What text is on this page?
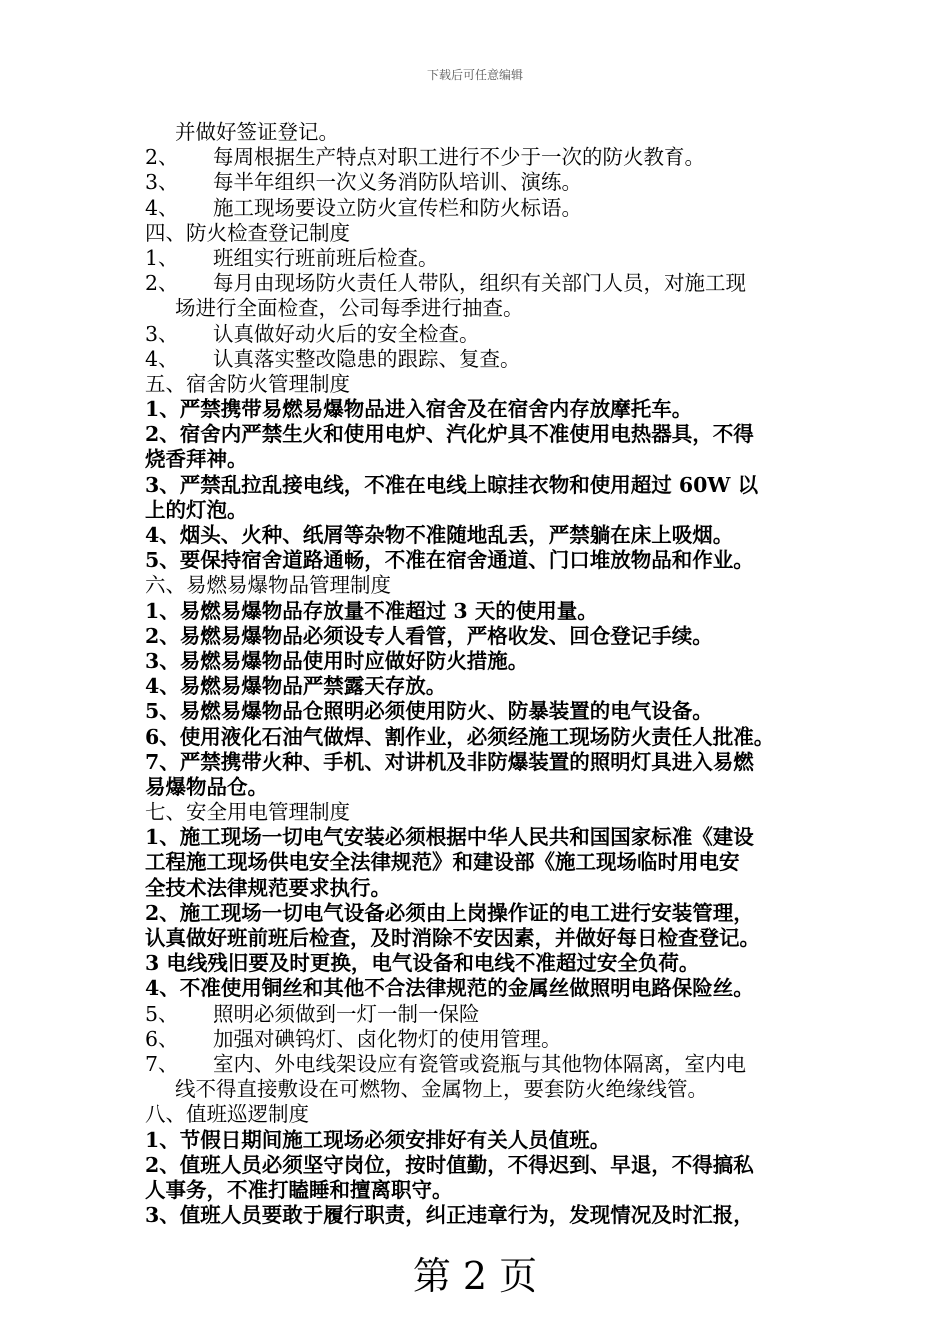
下载后可任意编辑
并做好签证登记。
2、 每周根据生产特点对职工进行不少于一次的防火教育。
3、 每半年组织一次义务消防队培训、演练。
4、 施工现场要设立防火宣传栏和防火标语。
四、防火检查登记制度
1、 班组实行班前班后检查。
2、 每月由现场防火责任人带队，组织有关部门人员，对施工现
场进行全面检查，公司每季进行抽查。
3、 认真做好动火后的安全检查。
4、 认真落实整改隐患的跟踪、复查。
五、宿舍防火管理制度
1、严禁携带易燃易爆物品进入宿舍及在宿舍内存放摩托车。
2、宿舍内严禁生火和使用电炉、汽化炉具不准使用电热器具，不得
烧香拜神。
3、严禁乱拉乱接电线，不准在电线上晾挂衣物和使用超过 60W 以
上的灯泡。
4、烟头、火种、纸屑等杂物不准随地乱丢，严禁躺在床上吸烟。
5、要保持宿舍道路通畅，不准在宿舍通道、门口堆放物品和作业。
六、易燃易爆物品管理制度
1、易燃易爆物品存放量不准超过 3 天的使用量。
2、易燃易爆物品必须设专人看管，严格收发、回仓登记手续。
3、易燃易爆物品使用时应做好防火措施。
4、易燃易爆物品严禁露天存放。
5、易燃易爆物品仓照明必须使用防火、防暴装置的电气设备。
6、使用液化石油气做焊、割作业，必须经施工现场防火责任人批准。
7、严禁携带火种、手机、对讲机及非防爆装置的照明灯具进入易燃
易爆物品仓。
七、安全用电管理制度
1、施工现场一切电气安装必须根据中华人民共和国国家标准《建设
工程施工现场供电安全法律规范》和建设部《施工现场临时用电安
全技术法律规范要求执行。
2、施工现场一切电气设备必须由上岗操作证的电工进行安装管理，
认真做好班前班后检查，及时消除不安因素，并做好每日检查登记。
3 电线残旧要及时更换，电气设备和电线不准超过安全负荷。
4、不准使用铜丝和其他不合法律规范的金属丝做照明电路保险丝。
5、 照明必须做到一灯一制一保险
6、 加强对碘钨灯、卤化物灯的使用管理。
7、 室内、外电线架设应有瓷管或瓷瓶与其他物体隔离，室内电
线不得直接敷设在可燃物、金属物上，要套防火绝缘线管。
八、值班巡逻制度
1、节假日期间施工现场必须安排好有关人员值班。
2、值班人员必须坚守岗位，按时值勤，不得迟到、早退，不得搞私
人事务，不准打瞌睡和擅离职守。
3、值班人员要敢于履行职责，纠正违章行为，发现情况及时汇报，
第 2 页
